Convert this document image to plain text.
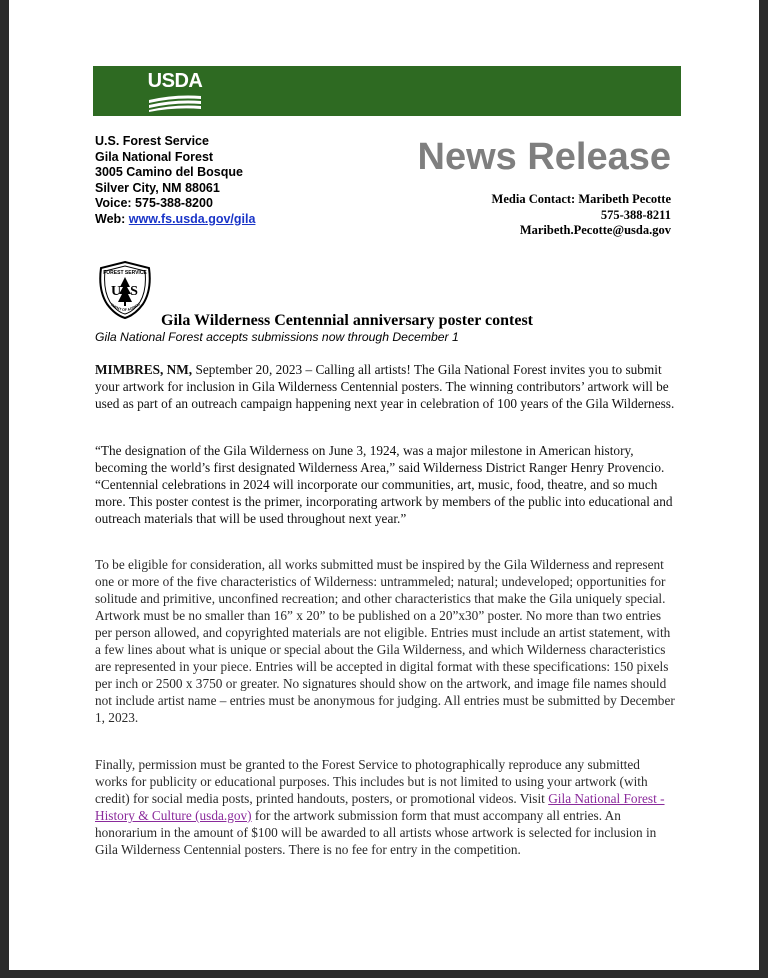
USDA
U.S. Forest Service
Gila National Forest
3005 Camino del Bosque
Silver City, NM 88061
Voice: 575-388-8200
Web: www.fs.usda.gov/gila
News Release
Media Contact: Maribeth Pecotte
575-388-8211
Maribeth.Pecotte@usda.gov
FOREST SERVICE
U S
TMENT OF AGRICU
Gila Wilderness Centennial anniversary poster contest
Gila National Forest accepts submissions now through December 1
MIMBRES, NM, September 20, 2023 – Calling all artists! The Gila National Forest invites you to submit your artwork for inclusion in Gila Wilderness Centennial posters. The winning contributors’ artwork will be used as part of an outreach campaign happening next year in celebration of 100 years of the Gila Wilderness.
“The designation of the Gila Wilderness on June 3, 1924, was a major milestone in American history, becoming the world’s first designated Wilderness Area,” said Wilderness District Ranger Henry Provencio. “Centennial celebrations in 2024 will incorporate our communities, art, music, food, theatre, and so much more. This poster contest is the primer, incorporating artwork by members of the public into educational and outreach materials that will be used throughout next year.”
To be eligible for consideration, all works submitted must be inspired by the Gila Wilderness and represent one or more of the five characteristics of Wilderness: untrammeled; natural; undeveloped; opportunities for solitude and primitive, unconfined recreation; and other characteristics that make the Gila uniquely special. Artwork must be no smaller than 16” x 20” to be published on a 20”x30” poster. No more than two entries per person allowed, and copyrighted materials are not eligible. Entries must include an artist statement, with a few lines about what is unique or special about the Gila Wilderness, and which Wilderness characteristics are represented in your piece. Entries will be accepted in digital format with these specifications: 150 pixels per inch or 2500 x 3750 or greater. No signatures should show on the artwork, and image file names should not include artist name – entries must be anonymous for judging. All entries must be submitted by December 1, 2023.
Finally, permission must be granted to the Forest Service to photographically reproduce any submitted works for publicity or educational purposes. This includes but is not limited to using your artwork (with credit) for social media posts, printed handouts, posters, or promotional videos. Visit Gila National Forest - History & Culture (usda.gov) for the artwork submission form that must accompany all entries. An honorarium in the amount of $100 will be awarded to all artists whose artwork is selected for inclusion in Gila Wilderness Centennial posters. There is no fee for entry in the competition.
